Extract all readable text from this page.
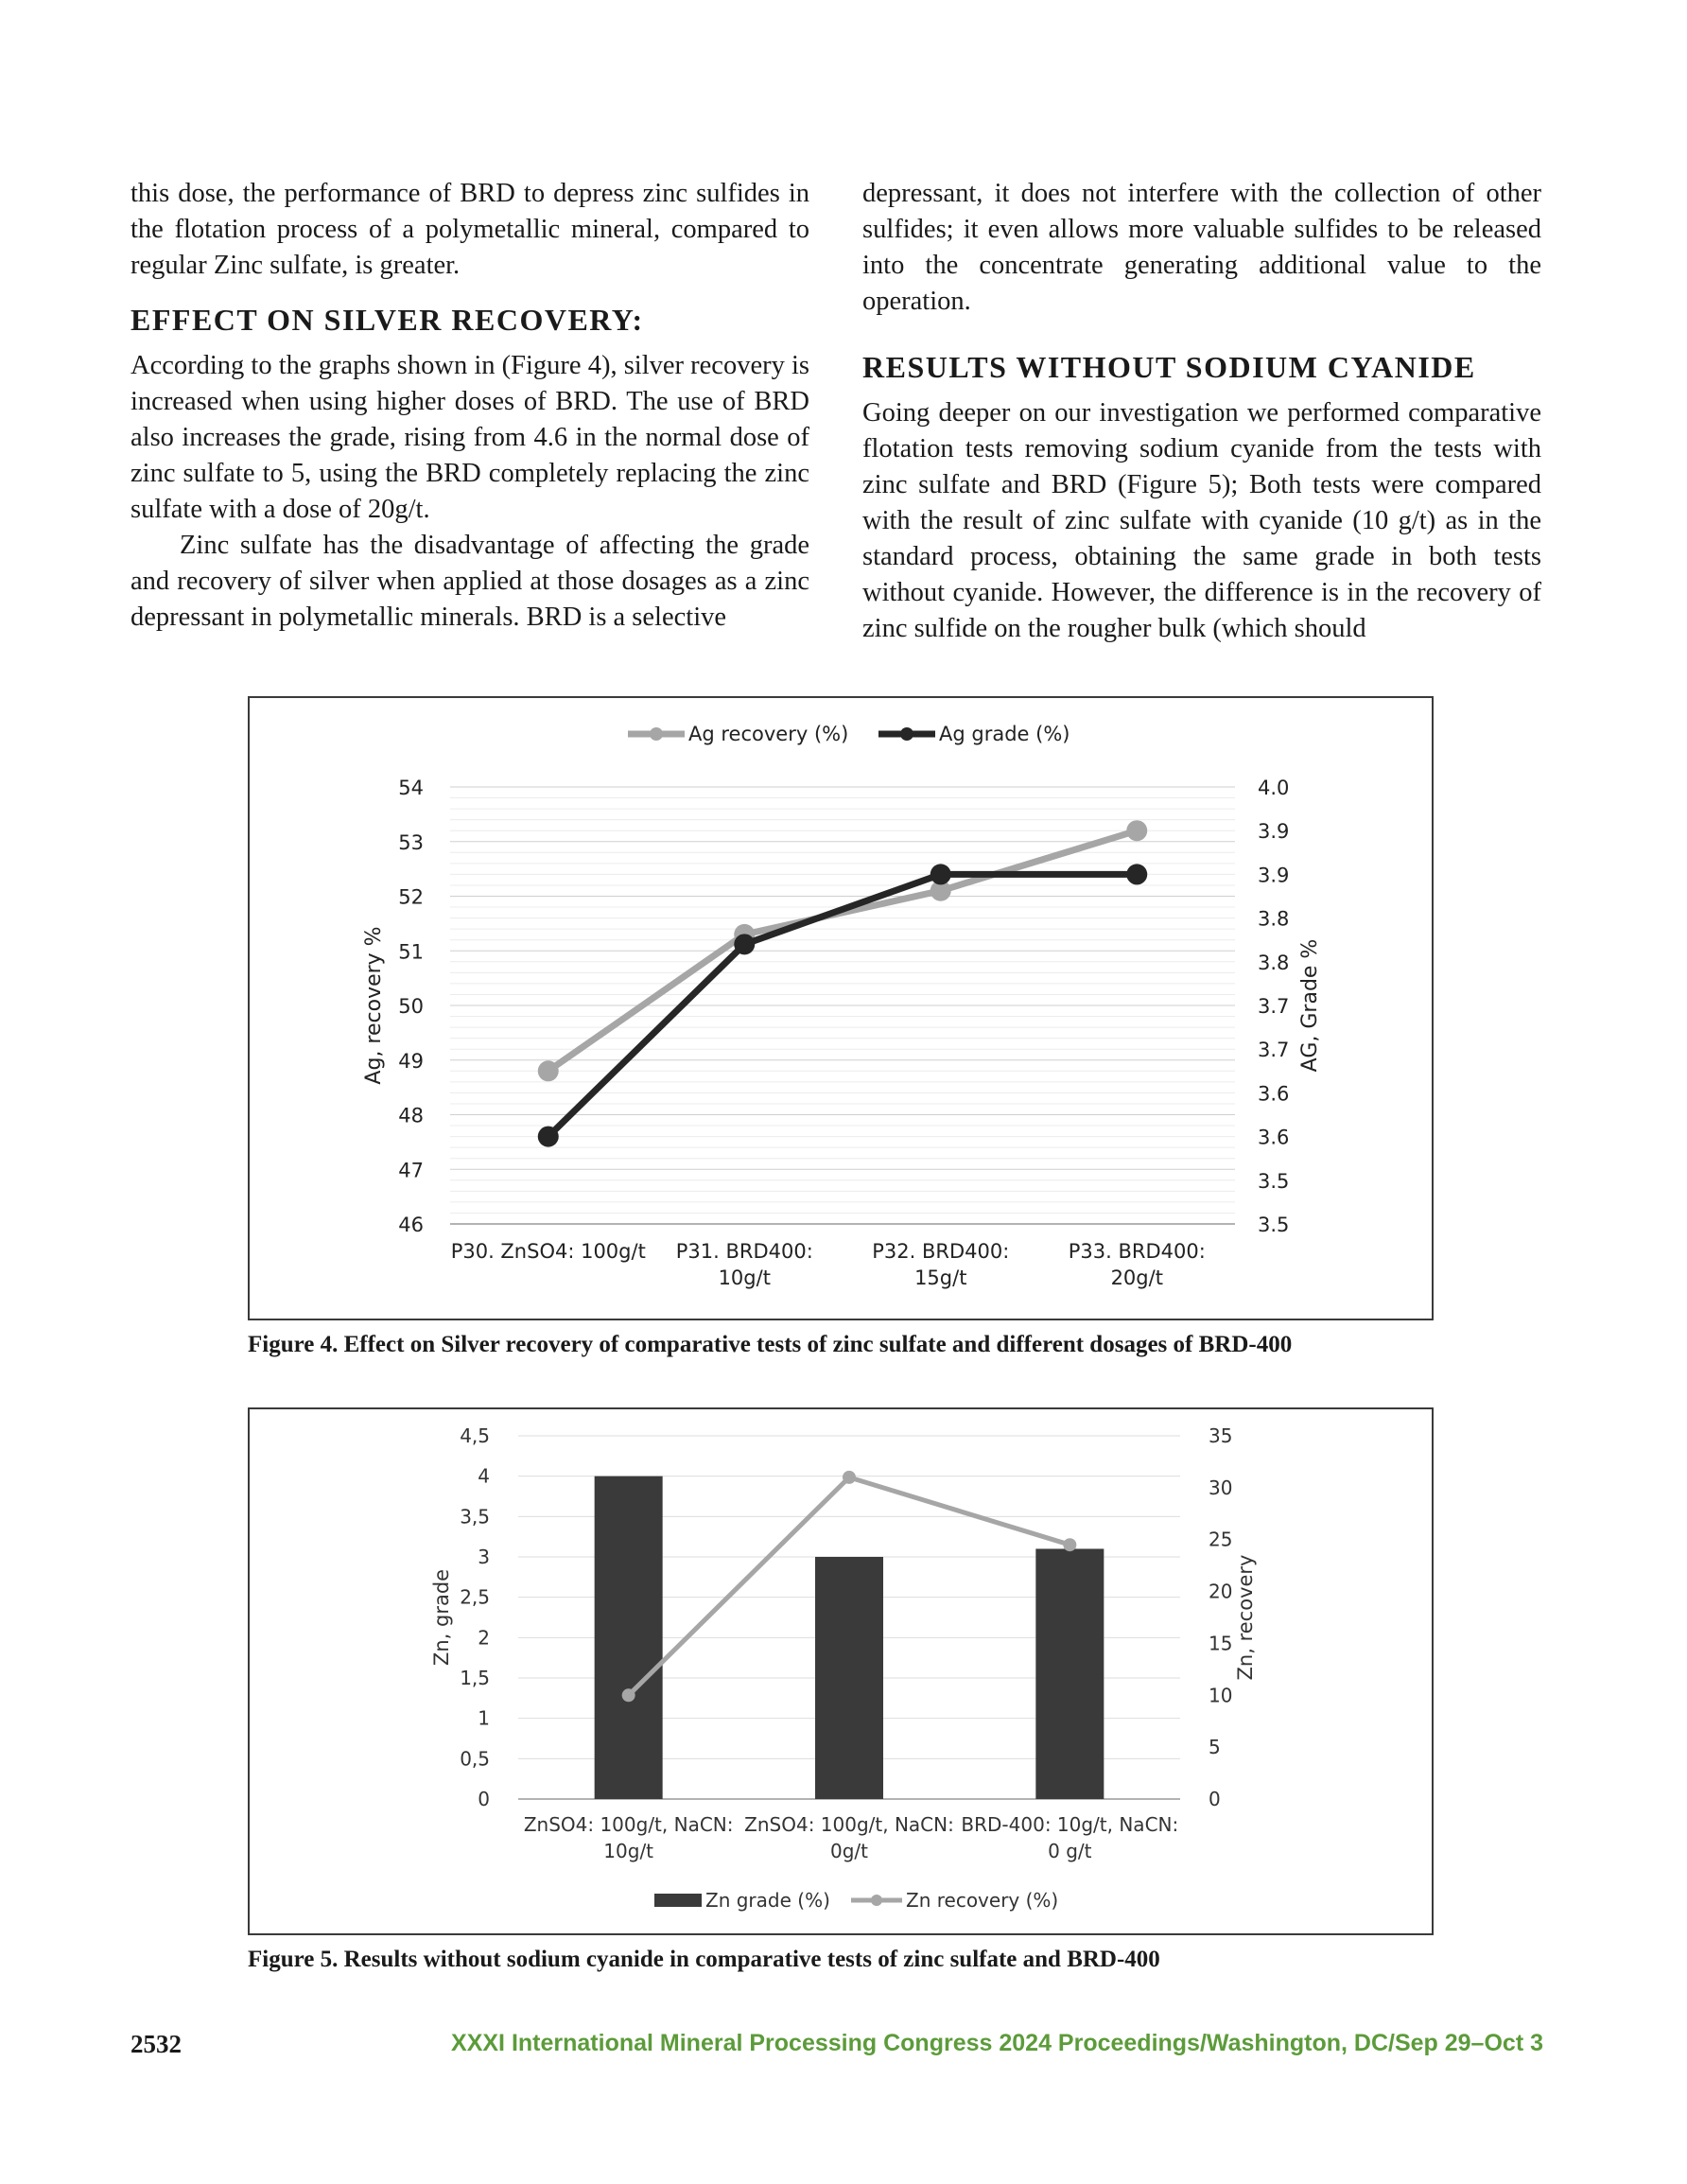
this dose, the performance of BRD to depress zinc sulfides in the flotation process of a polymetallic mineral, compared to regular Zinc sulfate, is greater.

EFFECT ON SILVER RECOVERY:

According to the graphs shown in (Figure 4), silver recovery is increased when using higher doses of BRD. The use of BRD also increases the grade, rising from 4.6 in the normal dose of zinc sulfate to 5, using the BRD completely replacing the zinc sulfate with a dose of 20g/t.

Zinc sulfate has the disadvantage of affecting the grade and recovery of silver when applied at those dosages as a zinc depressant in polymetallic minerals. BRD is a selective

depressant, it does not interfere with the collection of other sulfides; it even allows more valuable sulfides to be released into the concentrate generating additional value to the operation.

RESULTS WITHOUT SODIUM CYANIDE

Going deeper on our investigation we performed comparative flotation tests removing sodium cyanide from the tests with zinc sulfate and BRD (Figure 5); Both tests were compared with the result of zinc sulfate with cyanide (10 g/t) as in the standard process, obtaining the same grade in both tests without cyanide. However, the difference is in the recovery of zinc sulfide on the rougher bulk (which should

46
47
48
49
50
51
52
53
54
3.5
3.5
3.6
3.6
3.7
3.7
3.8
3.8
3.9
3.9
4.0
Ag, recovery %	AG, Grade %
P30. ZnSO4: 100g/t P31. BRD400:
10g/t
P32. BRD400:
15g/t
P33. BRD400:
20g/t
Ag recovery (%)	Ag grade (%)
Figure 4. Effect on Silver recovery of comparative tests of zinc sulfate and different dosages of BRD-400
0
0,5
1
1,5
2
2,5
3
3,5
4
4,5
0
5
10
15
20
25
30
35
Zn, grade	Zn, recovery
ZnSO4: 100g/t, NaCN:
10g/t
ZnSO4: 100g/t, NaCN:
0g/t
BRD-400: 10g/t, NaCN:
0 g/t
Zn grade (%)	Zn recovery (%)
Figure 5. Results without sodium cyanide in comparative tests of zinc sulfate and BRD-400
2532	XXXI International Mineral Processing Congress 2024 Proceedings/Washington, DC/Sep 29–Oct 3
